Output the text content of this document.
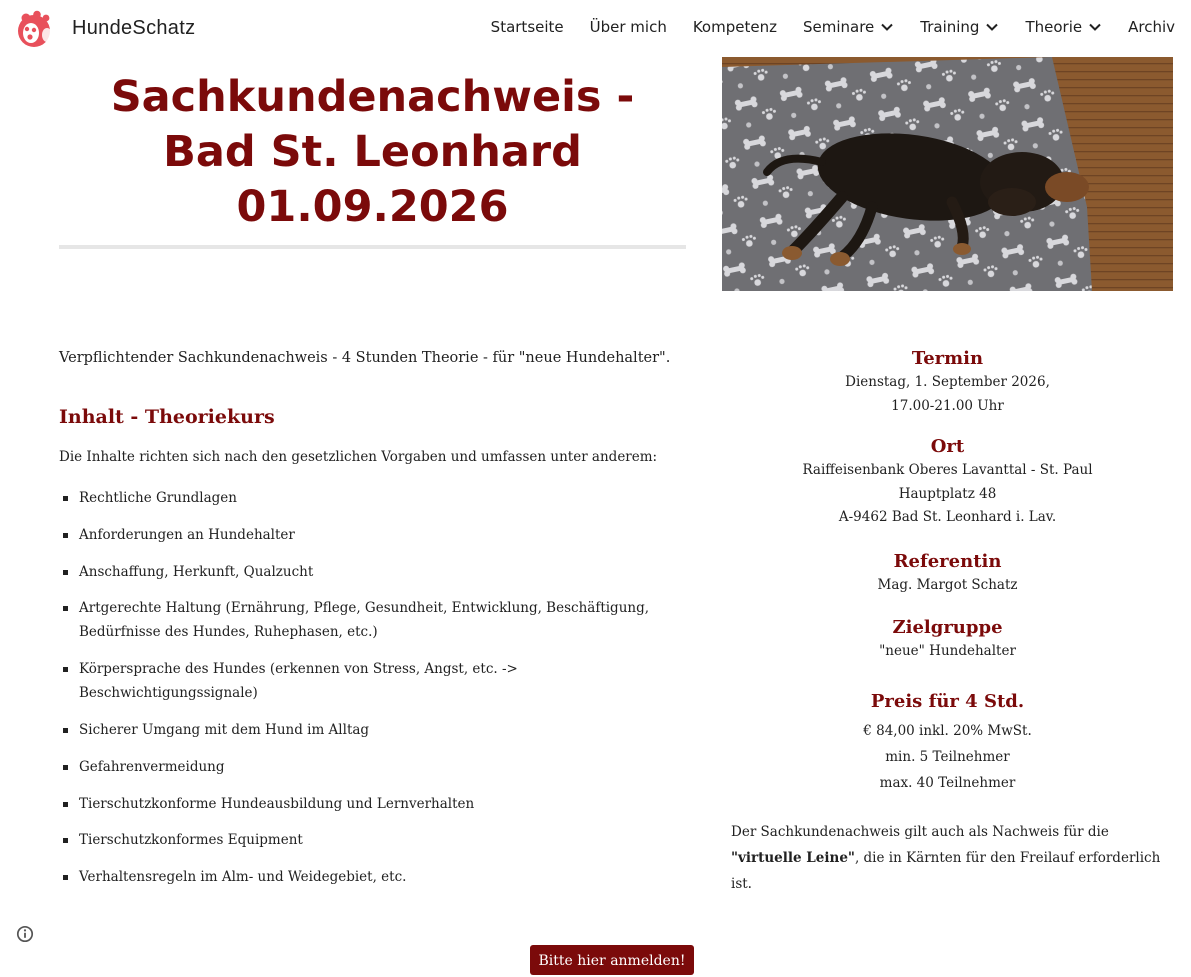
HundeSchatz	Startseite Über mich Kompetenz Seminare	Training	Theorie	Archiv
Sachkundenachweis -
Bad St. Leonhard
01.09.2026
Verpflichtender Sachkundenachweis - 4 Stunden Theorie - für "neue Hundehalter".
Inhalt - Theoriekurs
Die Inhalte richten sich nach den gesetzlichen Vorgaben und umfassen unter anderem:
Rechtliche Grundlagen
Anforderungen an Hundehalter
Anschaffung, Herkunft, Qualzucht
Artgerechte Haltung (Ernährung, Pflege, Gesundheit, Entwicklung, Beschäftigung, Bedürfnisse des Hundes, Ruhephasen, etc.)
Körpersprache des Hundes (erkennen von Stress, Angst, etc. -> Beschwichtigungssignale)
Sicherer Umgang mit dem Hund im Alltag
Gefahrenvermeidung
Tierschutzkonforme Hundeausbildung und Lernverhalten
Tierschutzkonformes Equipment
Verhaltensregeln im Alm- und Weidegebiet, etc.
Termin
Dienstag, 1. September 2026,
17.00-21.00 Uhr
Ort
Raiffeisenbank Oberes Lavanttal - St. Paul
Hauptplatz 48
A-9462 Bad St. Leonhard i. Lav.
Referentin
Mag. Margot Schatz
Zielgruppe
"neue" Hundehalter
Preis für 4 Std.
€ 84,00 inkl. 20% MwSt.
min. 5 Teilnehmer
max. 40 Teilnehmer
Der Sachkundenachweis gilt auch als Nachweis für die "virtuelle Leine", die in Kärnten für den Freilauf erforderlich ist.
Bitte hier anmelden!
